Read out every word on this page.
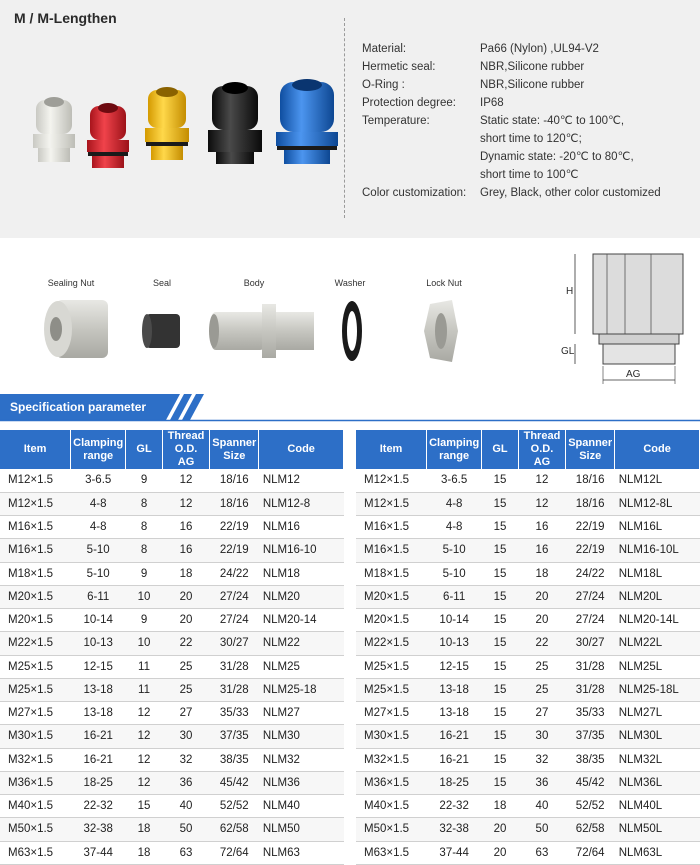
M / M-Lengthen
Material:	Pa66 (Nylon) ,UL94-V2
Hermetic seal:	NBR,Silicone rubber
O-Ring :	NBR,Silicone rubber
Protection degree:	IP68
Temperature:	Static state: -40℃ to 100℃,
short time to 120℃;
Dynamic state: -20℃ to 80℃,
short time to 100℃
Color customization:	Grey, Black, other color customized
Sealing Nut	Seal	Body	Washer	Lock Nut
H
GL
AG
Specification parameter
Item	Clamping
range	GL	Thread O.D.
AG	Spanner
Size	Code
M12×1.5	3-6.5	9	12	18/16	NLM12
M12×1.5	4-8	8	12	18/16	NLM12-8
M16×1.5	4-8	8	16	22/19	NLM16
M16×1.5	5-10	8	16	22/19	NLM16-10
M18×1.5	5-10	9	18	24/22	NLM18
M20×1.5	6-11	10	20	27/24	NLM20
M20×1.5	10-14	9	20	27/24	NLM20-14
M22×1.5	10-13	10	22	30/27	NLM22
M25×1.5	12-15	11	25	31/28	NLM25
M25×1.5	13-18	11	25	31/28	NLM25-18
M27×1.5	13-18	12	27	35/33	NLM27
M30×1.5	16-21	12	30	37/35	NLM30
M32×1.5	16-21	12	32	38/35	NLM32
M36×1.5	18-25	12	36	45/42	NLM36
M40×1.5	22-32	15	40	52/52	NLM40
M50×1.5	32-38	18	50	62/58	NLM50
M63×1.5	37-44	18	63	72/64	NLM63
Item	Clamping
range	GL	Thread O.D.
AG	Spanner
Size	Code
M12×1.5	3-6.5	15	12	18/16	NLM12L
M12×1.5	4-8	15	12	18/16	NLM12-8L
M16×1.5	4-8	15	16	22/19	NLM16L
M16×1.5	5-10	15	16	22/19	NLM16-10L
M18×1.5	5-10	15	18	24/22	NLM18L
M20×1.5	6-11	15	20	27/24	NLM20L
M20×1.5	10-14	15	20	27/24	NLM20-14L
M22×1.5	10-13	15	22	30/27	NLM22L
M25×1.5	12-15	15	25	31/28	NLM25L
M25×1.5	13-18	15	25	31/28	NLM25-18L
M27×1.5	13-18	15	27	35/33	NLM27L
M30×1.5	16-21	15	30	37/35	NLM30L
M32×1.5	16-21	15	32	38/35	NLM32L
M36×1.5	18-25	15	36	45/42	NLM36L
M40×1.5	22-32	18	40	52/52	NLM40L
M50×1.5	32-38	20	50	62/58	NLM50L
M63×1.5	37-44	20	63	72/64	NLM63L
